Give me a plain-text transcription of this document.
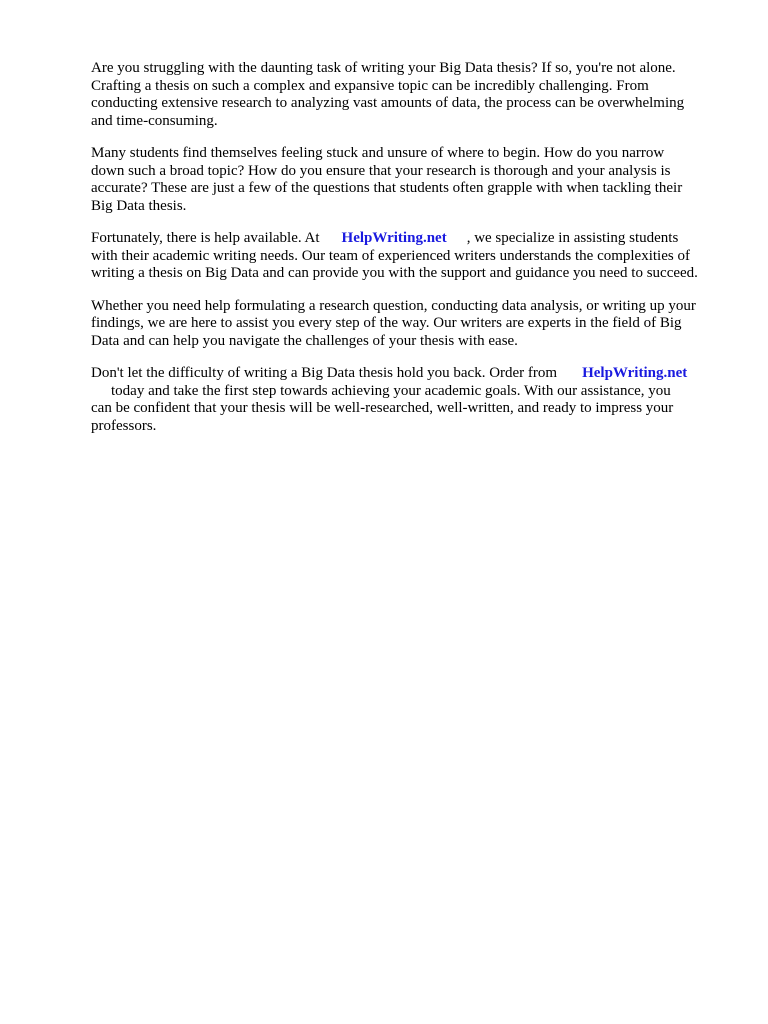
Are you struggling with the daunting task of writing your Big Data thesis? If so, you're not alone.
Crafting a thesis on such a complex and expansive topic can be incredibly challenging. From
conducting extensive research to analyzing vast amounts of data, the process can be overwhelming
and time-consuming.

Many students find themselves feeling stuck and unsure of where to begin. How do you narrow
down such a broad topic? How do you ensure that your research is thorough and your analysis is
accurate? These are just a few of the questions that students often grapple with when tackling their
Big Data thesis.

Fortunately, there is help available. At HelpWriting.net , we specialize in assisting students
with their academic writing needs. Our team of experienced writers understands the complexities of
writing a thesis on Big Data and can provide you with the support and guidance you need to succeed.

Whether you need help formulating a research question, conducting data analysis, or writing up your
findings, we are here to assist you every step of the way. Our writers are experts in the field of Big
Data and can help you navigate the challenges of your thesis with ease.

Don't let the difficulty of writing a Big Data thesis hold you back. Order from HelpWriting.net
today and take the first step towards achieving your academic goals. With our assistance, you
can be confident that your thesis will be well-researched, well-written, and ready to impress your
professors.
